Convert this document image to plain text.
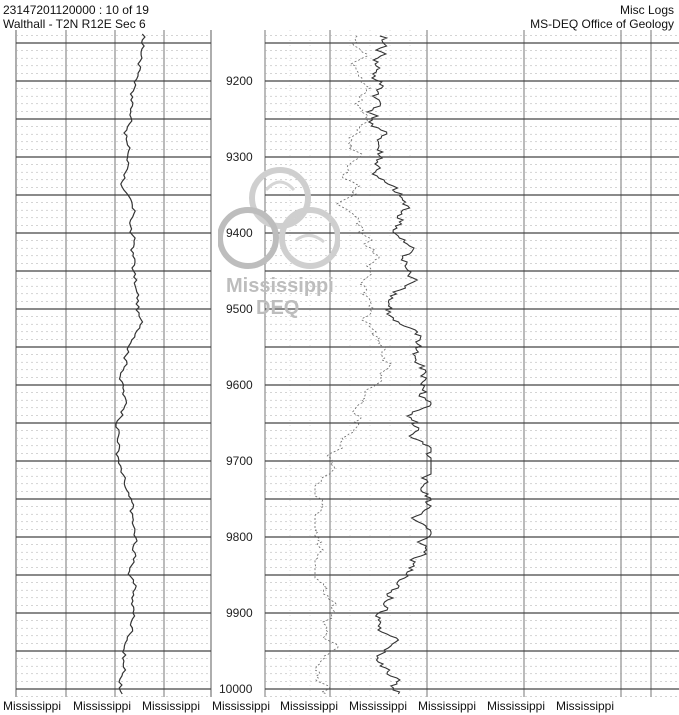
23147201120000 : 10 of 19
Walthall - T2N R12E Sec 6
Misc Logs
MS-DEQ Office of Geology
9200
9300
9400
9500
9600
9700
9800
9900
10000
Mississippi
DEQ
Mississippi Mississippi Mississippi Mississippi Mississippi Mississippi Mississippi Mississippi Mississippi
